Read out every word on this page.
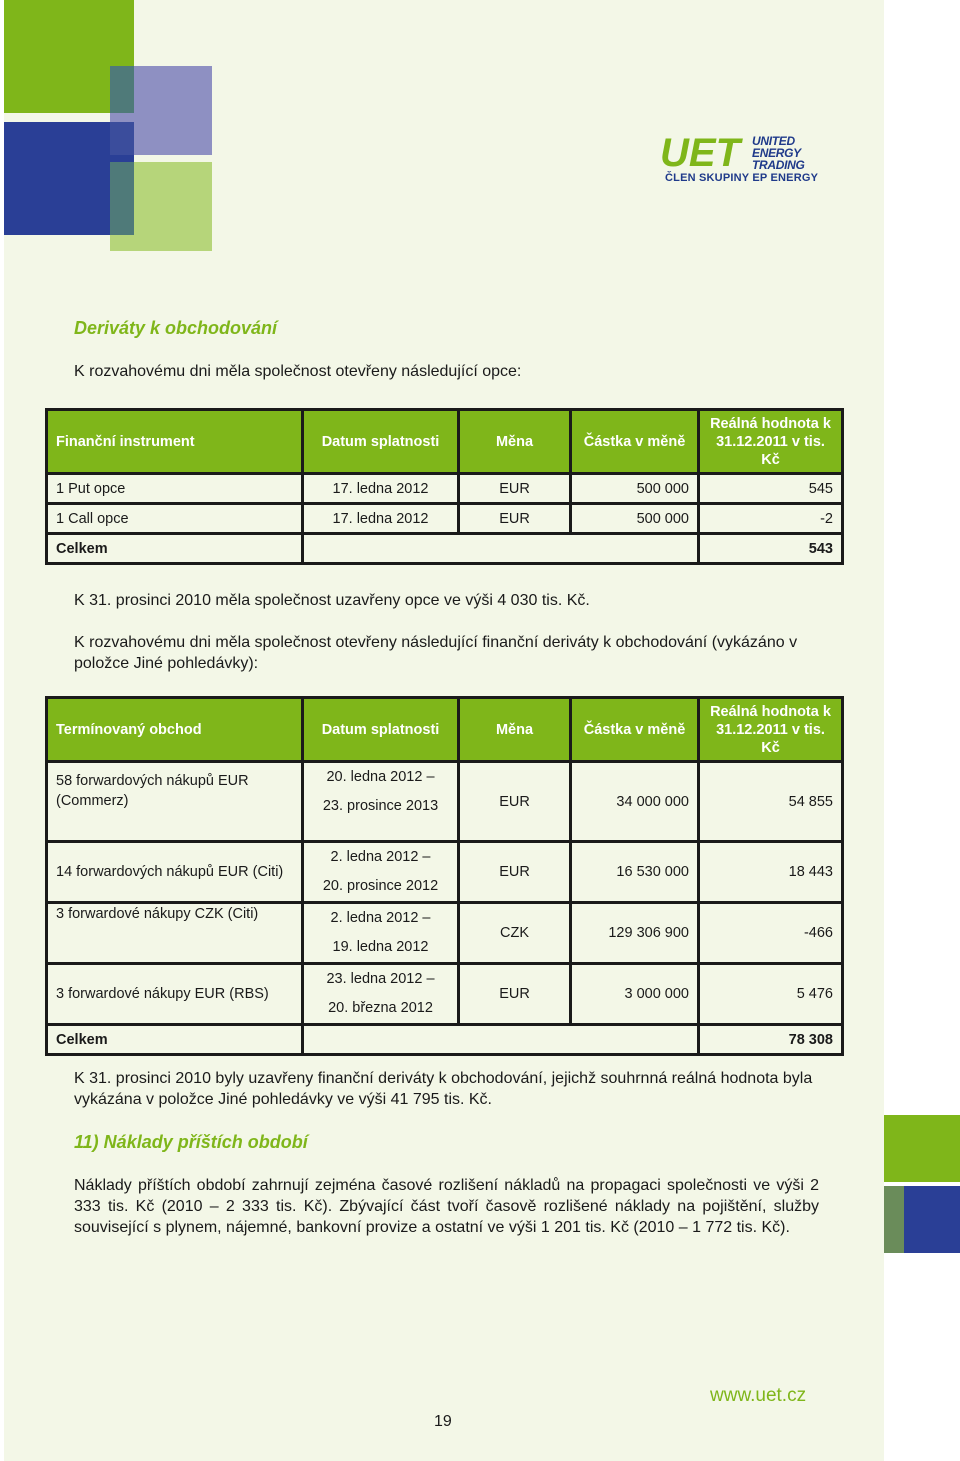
UET UNITED
ENERGY
TRADING
ČLEN SKUPINY EP ENERGY
Deriváty k obchodování

K rozvahovému dni měla společnost otevřeny následující opce:

Finanční instrument	Datum splatnosti	Měna	Částka v měně	Reálná hodnota k 31.12.2011 v tis. Kč
1 Put opce	17. ledna 2012	EUR	500 000	545
1 Call opce	17. ledna 2012	EUR	500 000	-2
Celkem				543

K 31. prosinci 2010 měla společnost uzavřeny opce ve výši 4 030 tis. Kč.

K rozvahovému dni měla společnost otevřeny následující finanční deriváty k obchodování (vykázáno v položce Jiné pohledávky):

Termínovaný obchod	Datum splatnosti	Měna	Částka v měně	Reálná hodnota k 31.12.2011 v tis. Kč
58 forwardových nákupů EUR (Commerz)	20. ledna 2012 –
23. prosince 2013	EUR	34 000 000	54 855
14 forwardových nákupů EUR (Citi)	2. ledna 2012 –
20. prosince 2012	EUR	16 530 000	18 443
3 forwardové nákupy CZK (Citi)	2. ledna 2012 –
19. ledna 2012	CZK	129 306 900	-466
3 forwardové nákupy EUR (RBS)	23. ledna 2012 –
20. března 2012	EUR	3 000 000	5 476
Celkem				78 308

K 31. prosinci 2010 byly uzavřeny finanční deriváty k obchodování, jejichž souhrnná reálná hodnota byla vykázána v položce Jiné pohledávky ve výši 41 795 tis. Kč.

11) Náklady příštích období

Náklady příštích období zahrnují zejména časové rozlišení nákladů na propagaci společnosti ve výši 2 333 tis. Kč (2010 – 2 333 tis. Kč). Zbývající část tvoří časově rozlišené náklady na pojištění, služby související s plynem, nájemné, bankovní provize a ostatní ve výši 1 201 tis. Kč (2010 – 1 772 tis. Kč).

www.uet.cz
19
